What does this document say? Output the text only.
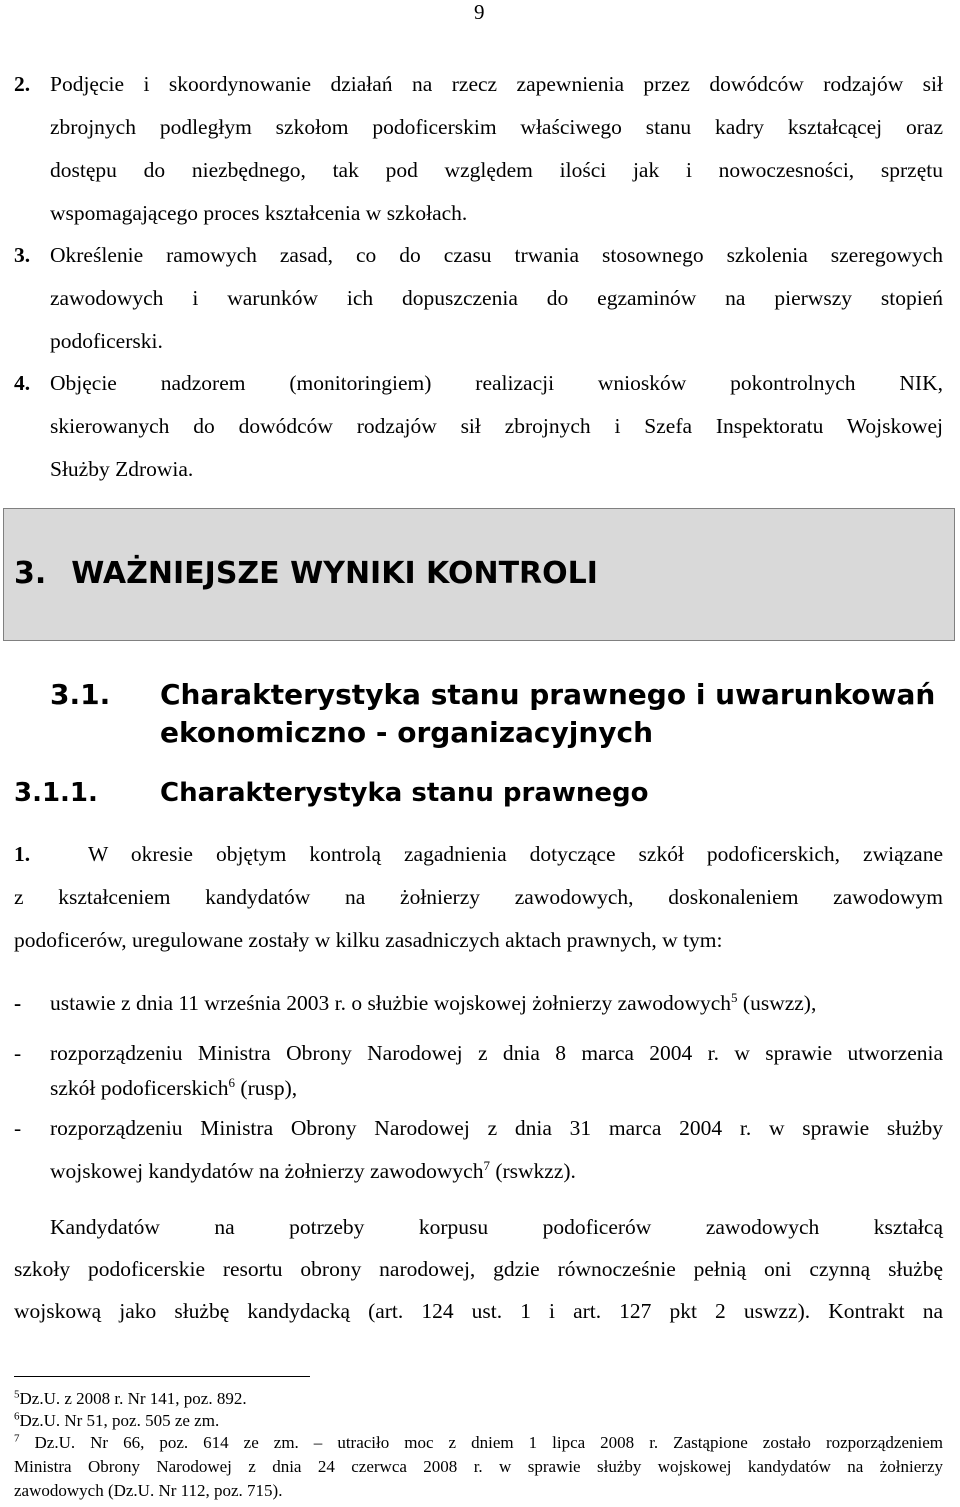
9
2. Podjęcie i skoordynowanie działań na rzecz zapewnienia przez dowódców rodzajów sił
zbrojnych podległym szkołom podoficerskim właściwego stanu kadry kształcącej oraz
dostępu do niezbędnego, tak pod względem ilości jak i nowoczesności, sprzętu
wspomagającego proces kształcenia w szkołach.
3. Określenie ramowych zasad, co do czasu trwania stosownego szkolenia szeregowych
zawodowych i warunków ich dopuszczenia do egzaminów na pierwszy stopień
podoficerski.
4. Objęcie nadzorem (monitoringiem) realizacji wniosków pokontrolnych NIK,
skierowanych do dowódców rodzajów sił zbrojnych i Szefa Inspektoratu Wojskowej
Służby Zdrowia.
3. WAŻNIEJSZE WYNIKI KONTROLI
3.1. Charakterystyka stanu prawnego i uwarunkowań
ekonomiczno - organizacyjnych
3.1.1. Charakterystyka stanu prawnego
1.	W okresie objętym kontrolą zagadnienia dotyczące szkół podoficerskich, związane
z kształceniem kandydatów na żołnierzy zawodowych, doskonaleniem zawodowym
podoficerów, uregulowane zostały w kilku zasadniczych aktach prawnych, w tym:
- ustawie z dnia 11 września 2003 r. o służbie wojskowej żołnierzy zawodowych$^5$ (uswzz),
- rozporządzeniu Ministra Obrony Narodowej z dnia 8 marca 2004 r. w sprawie utworzenia
szkół podoficerskich$^6$ (rusp),
- rozporządzeniu Ministra Obrony Narodowej z dnia 31 marca 2004 r. w sprawie służby
wojskowej kandydatów na żołnierzy zawodowych$^7$ (rswkzz).
Kandydatów na potrzeby korpusu podoficerów zawodowych kształcą
szkoły podoficerskie resortu obrony narodowej, gdzie równocześnie pełnią oni czynną służbę
wojskową jako służbę kandydacką (art. 124 ust. 1 i art. 127 pkt 2 uswzz). Kontrakt na
$^5$Dz.U. z 2008 r. Nr 141, poz. 892.
$^6$Dz.U. Nr 51, poz. 505 ze zm.
$^7$ Dz.U. Nr 66, poz. 614 ze zm. – utraciło moc z dniem 1 lipca 2008 r. Zastąpione zostało rozporządzeniem
Ministra Obrony Narodowej z dnia 24 czerwca 2008 r. w sprawie służby wojskowej kandydatów na żołnierzy
zawodowych (Dz.U. Nr 112, poz. 715).
